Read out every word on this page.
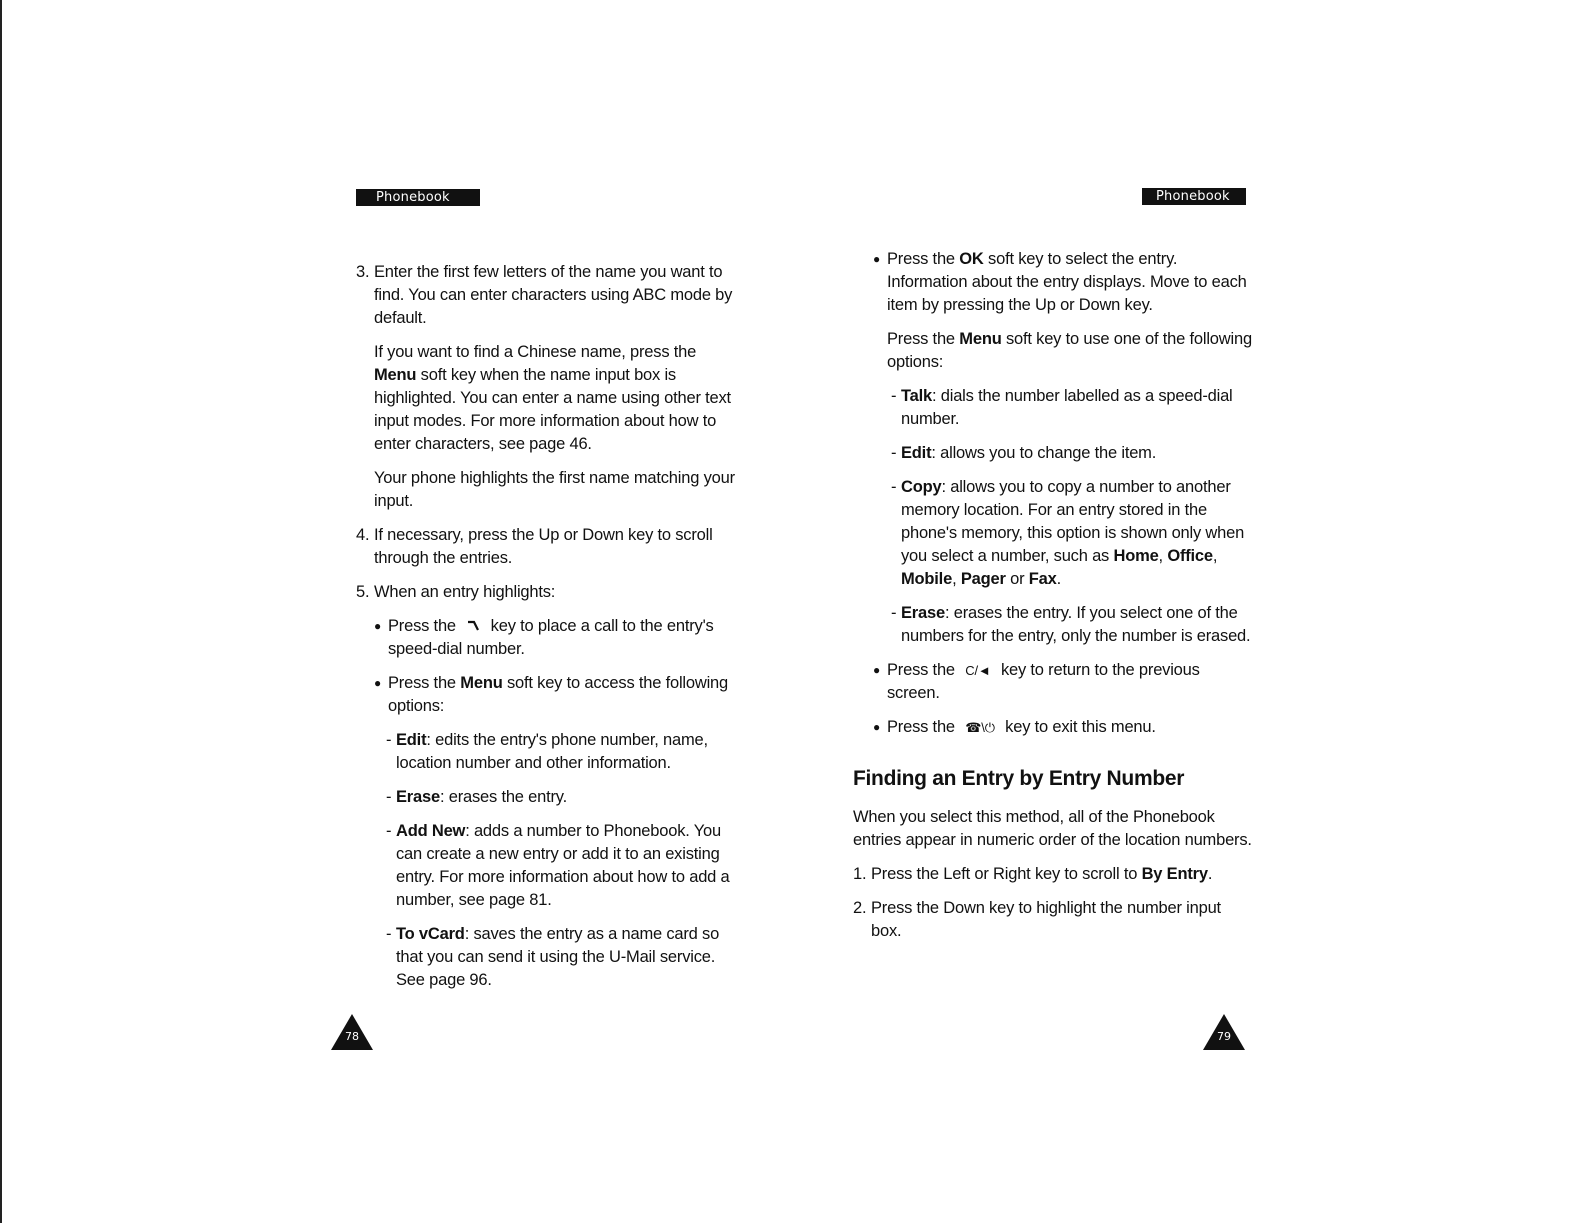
Phonebook	Phonebook
3. Enter the first few letters of the name you want to find. You can enter characters using ABC mode by default.
If you want to find a Chinese name, press the Menu soft key when the name input box is highlighted. You can enter a name using other text input modes. For more information about how to enter characters, see page 46.
Your phone highlights the first name matching your input.
4. If necessary, press the Up or Down key to scroll through the entries.
5. When an entry highlights:
● Press the  key to place a call to the entry's speed-dial number.
● Press the Menu soft key to access the following options:
- Edit: edits the entry's phone number, name, location number and other information.
- Erase: erases the entry.
- Add New: adds a number to Phonebook. You can create a new entry or add it to an existing entry. For more information about how to add a number, see page 81.
- To vCard: saves the entry as a name card so that you can send it using the U-Mail service. See page 96.
78
● Press the OK soft key to select the entry. Information about the entry displays. Move to each item by pressing the Up or Down key.
Press the Menu soft key to use one of the following options:
- Talk: dials the number labelled as a speed-dial number.
- Edit: allows you to change the item.
- Copy: allows you to copy a number to another memory location. For an entry stored in the phone's memory, this option is shown only when you select a number, such as Home, Office, Mobile, Pager or Fax.
- Erase: erases the entry. If you select one of the numbers for the entry, only the number is erased.
● Press the C/◄ key to return to the previous screen.
● Press the ☎\⏻ key to exit this menu.
Finding an Entry by Entry Number
When you select this method, all of the Phonebook entries appear in numeric order of the location numbers.
1. Press the Left or Right key to scroll to By Entry.
2. Press the Down key to highlight the number input box.
79
